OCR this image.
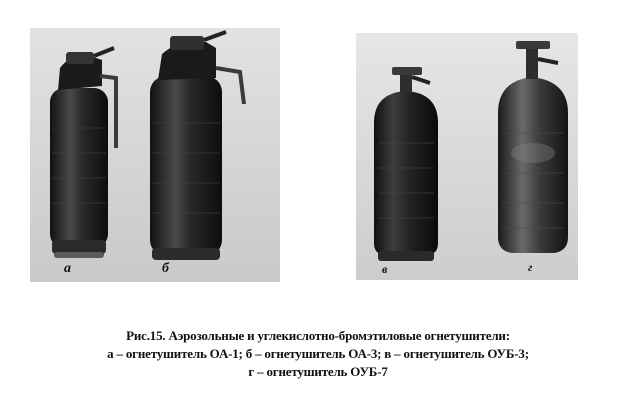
а	б	в	г
Рис.15. Аэрозольные и углекислотно-бромэтиловые огнетушители:
а – огнетушитель ОА-1; б – огнетушитель ОА-3; в – огнетушитель ОУБ-3;
г – огнетушитель ОУБ-7
